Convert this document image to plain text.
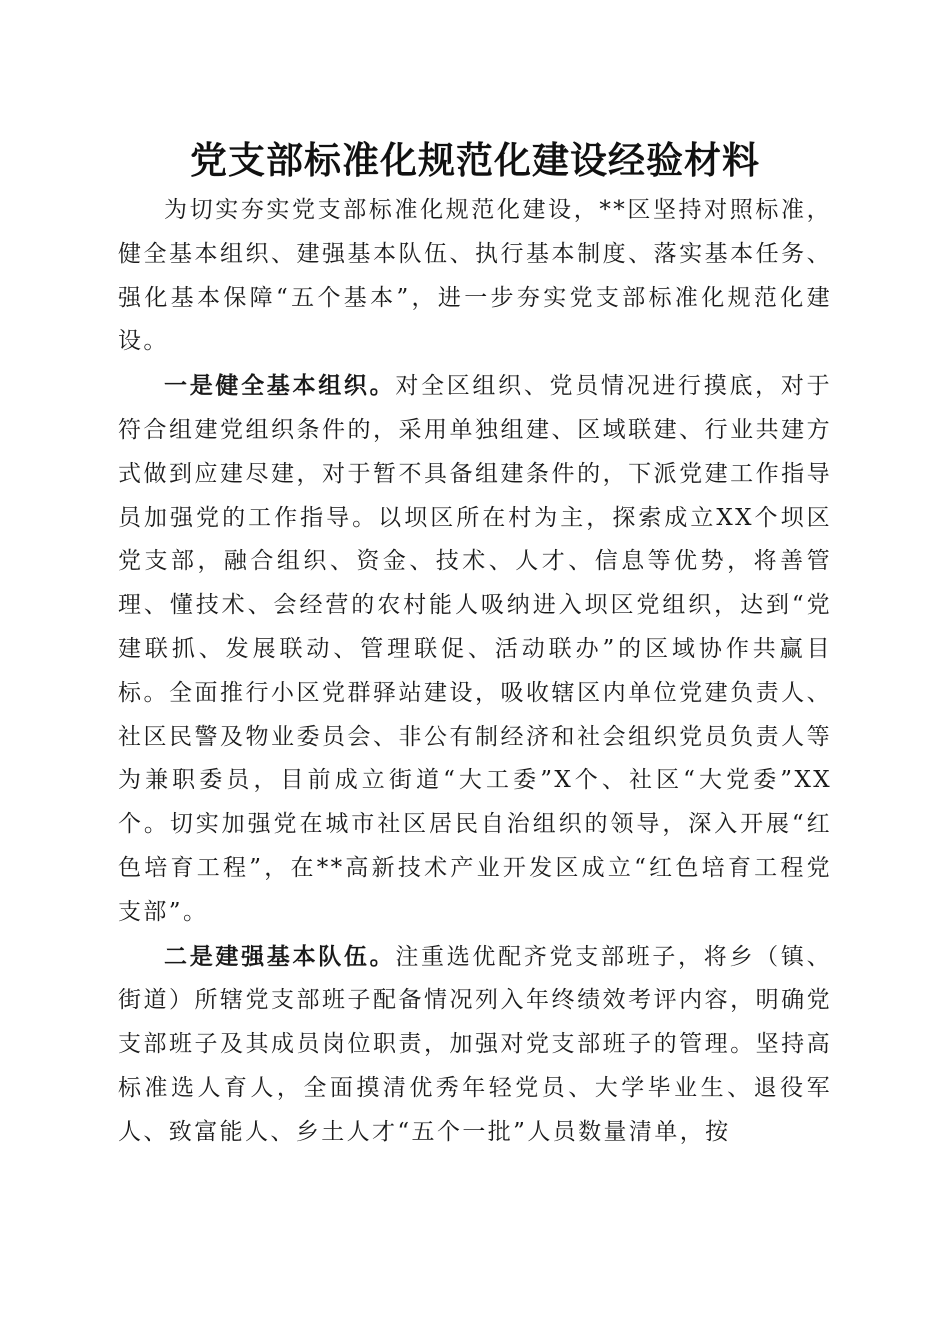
党支部标准化规范化建设经验材料

为切实夯实党支部标准化规范化建设，**区坚持对照标准，健全基本组织、建强基本队伍、执行基本制度、落实基本任务、强化基本保障“五个基本”，进一步夯实党支部标准化规范化建设。

一是健全基本组织。对全区组织、党员情况进行摸底，对于符合组建党组织条件的，采用单独组建、区域联建、行业共建方式做到应建尽建，对于暂不具备组建条件的，下派党建工作指导员加强党的工作指导。以坝区所在村为主，探索成立XX个坝区党支部，融合组织、资金、技术、人才、信息等优势，将善管理、懂技术、会经营的农村能人吸纳进入坝区党组织，达到“党建联抓、发展联动、管理联促、活动联办”的区域协作共赢目标。全面推行小区党群驿站建设，吸收辖区内单位党建负责人、社区民警及物业委员会、非公有制经济和社会组织党员负责人等为兼职委员，目前成立街道“大工委”X个、社区“大党委”XX个。切实加强党在城市社区居民自治组织的领导，深入开展“红色培育工程”，在**高新技术产业开发区成立“红色培育工程党支部”。

二是建强基本队伍。注重选优配齐党支部班子，将乡（镇、街道）所辖党支部班子配备情况列入年终绩效考评内容，明确党支部班子及其成员岗位职责，加强对党支部班子的管理。坚持高标准选人育人，全面摸清优秀年轻党员、大学毕业生、退役军人、致富能人、乡土人才“五个一批”人员数量清单，按
